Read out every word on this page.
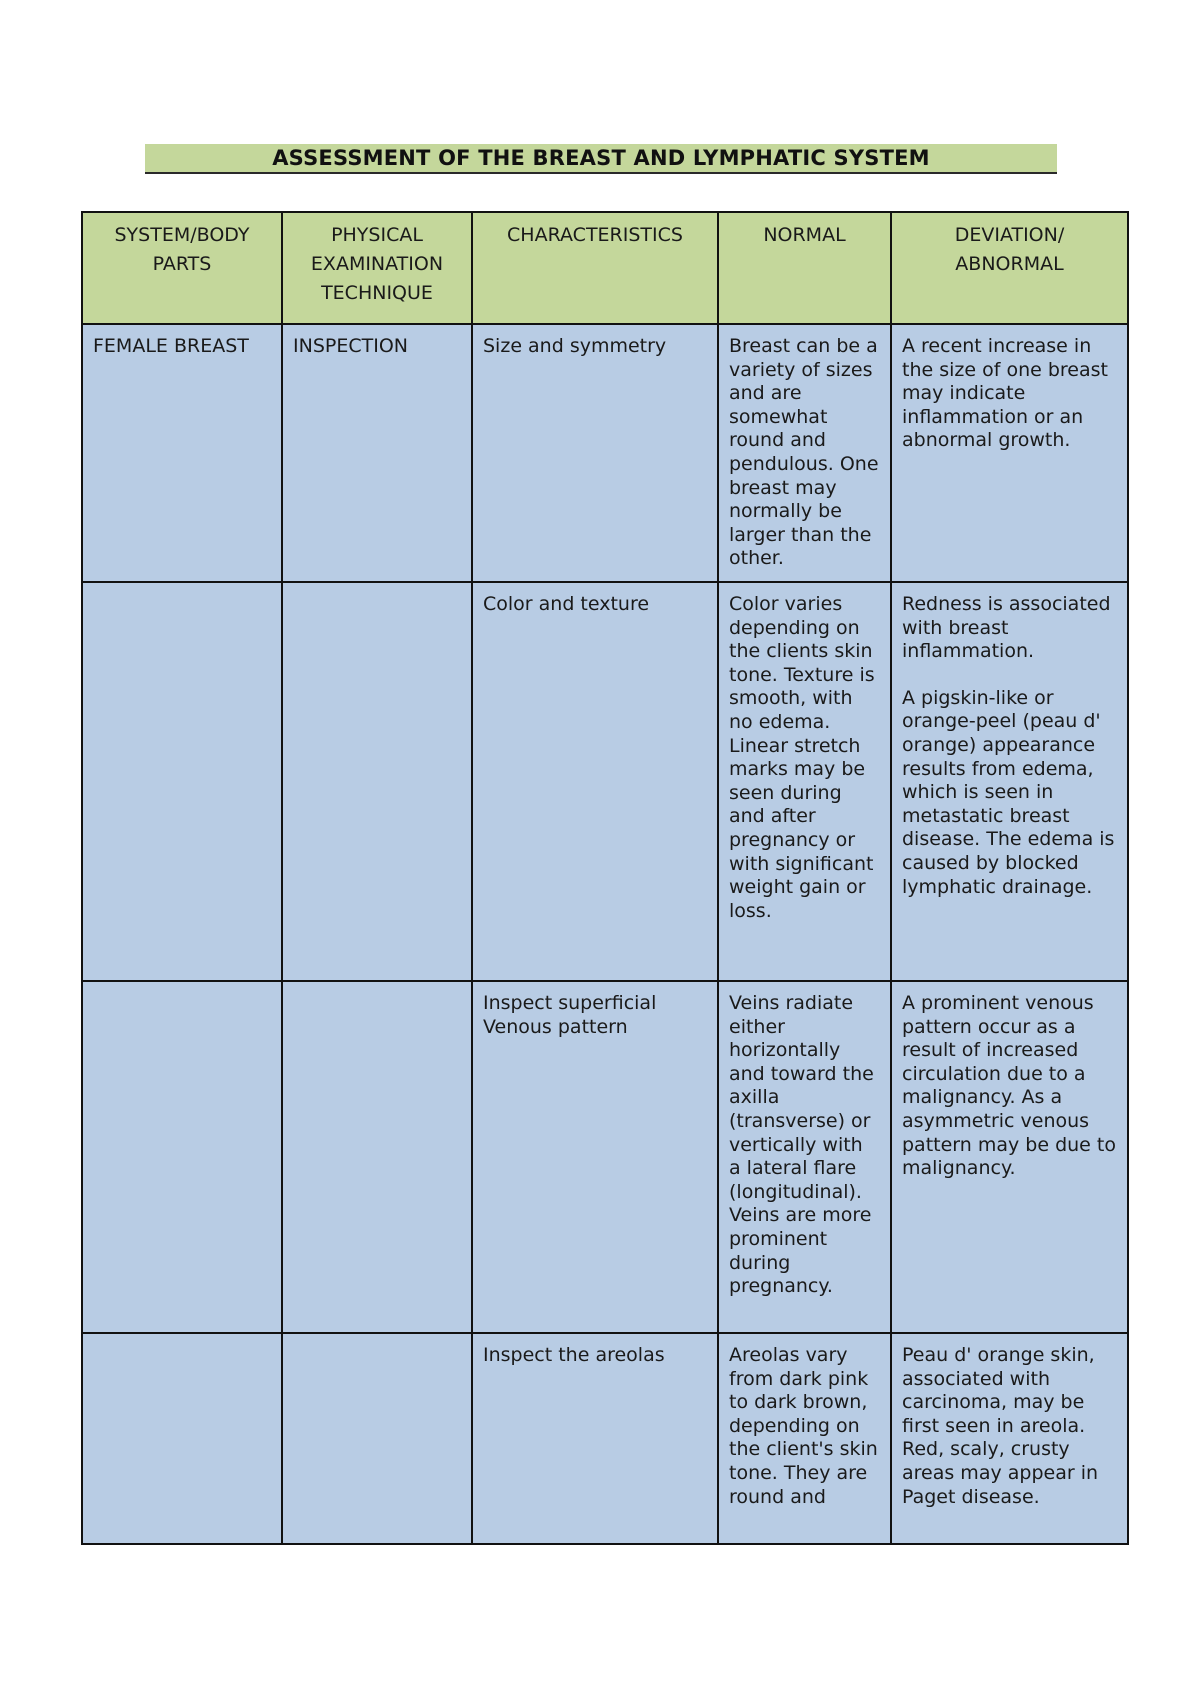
ASSESSMENT OF THE BREAST AND LYMPHATIC SYSTEM
SYSTEM/BODY PARTS	PHYSICAL EXAMINATION TECHNIQUE	CHARACTERISTICS	NORMAL	DEVIATION/ ABNORMAL
FEMALE BREAST	INSPECTION	Size and symmetry	Breast can be a variety of sizes and are somewhat round and pendulous. One breast may normally be larger than the other.	A recent increase in the size of one breast may indicate inflammation or an abnormal growth.

		Color and texture	Color varies depending on the clients skin tone. Texture is smooth, with no edema. Linear stretch marks may be seen during and after pregnancy or with significant weight gain or loss.	Redness is associated with breast inflammation.
A pigskin-like or orange-peel (peau d' orange) appearance results from edema, which is seen in metastatic breast disease. The edema is caused by blocked lymphatic drainage.

		Inspect superficial Venous pattern	Veins radiate either horizontally and toward the axilla (transverse) or vertically with a lateral flare (longitudinal). Veins are more prominent during pregnancy.	A prominent venous pattern occur as a result of increased circulation due to a malignancy. As a asymmetric venous pattern may be due to malignancy.

		Inspect the areolas	Areolas vary from dark pink to dark brown, depending on the client's skin tone. They are round and	Peau d' orange skin, associated with carcinoma, may be first seen in areola. Red, scaly, crusty areas may appear in Paget disease.
